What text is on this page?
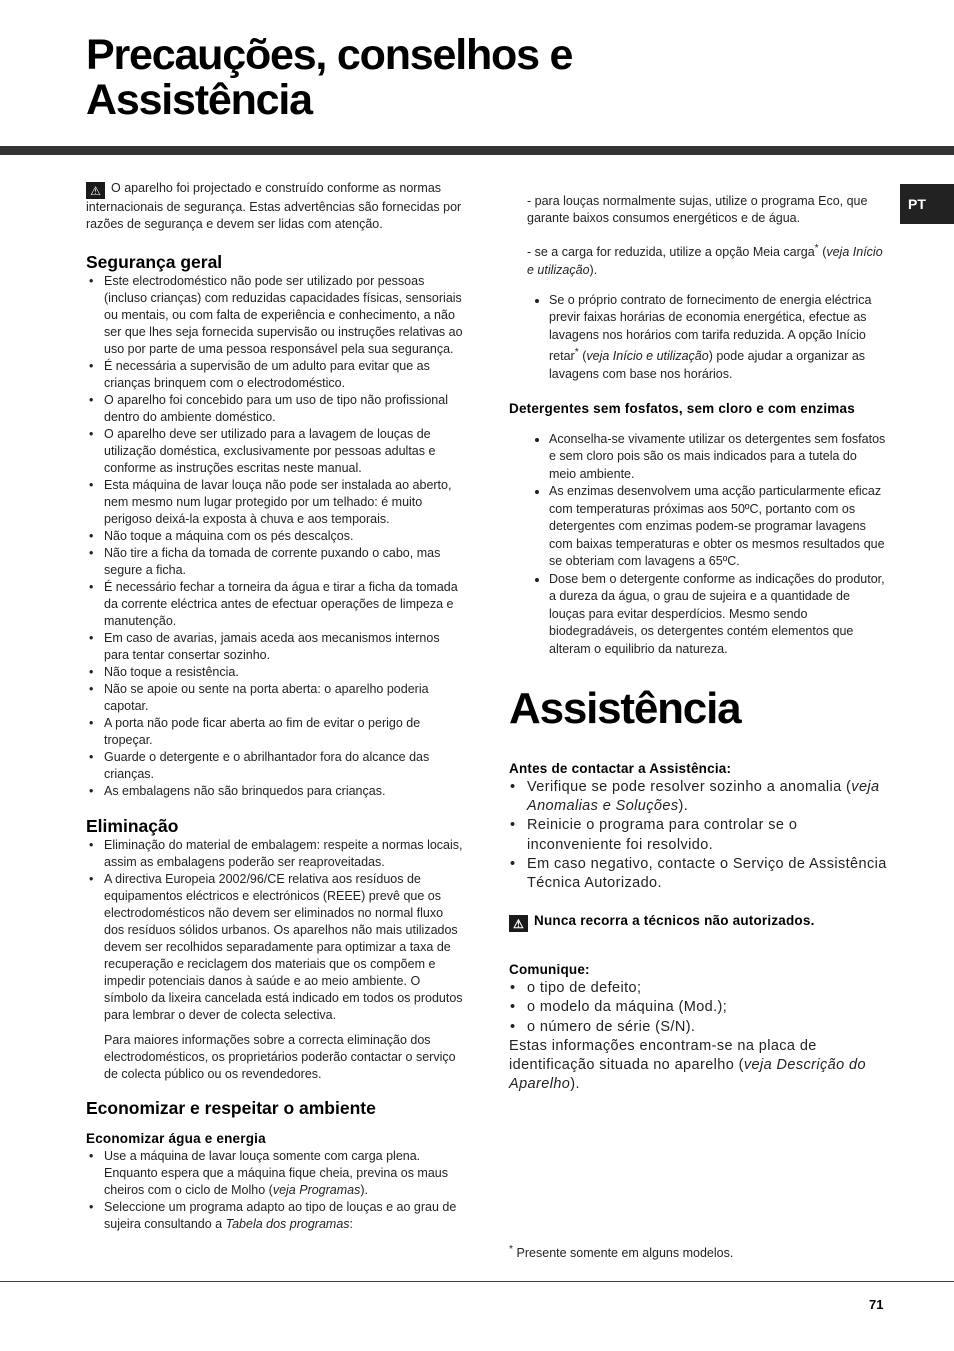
Precauções, conselhos e
Assistência
PT

⚠ O aparelho foi projectado e construído conforme as normas internacionais de segurança. Estas advertências são fornecidas por razões de segurança e devem ser lidas com atenção.

Segurança geral
• Este electrodoméstico não pode ser utilizado por pessoas (incluso crianças) com reduzidas capacidades físicas, sensoriais ou mentais, ou com falta de experiência e conhecimento, a não ser que lhes seja fornecida supervisão ou instruções relativas ao uso por parte de uma pessoa responsável pela sua segurança.
• É necessária a supervisão de um adulto para evitar que as crianças brinquem com o electrodoméstico.
• O aparelho foi concebido para um uso de tipo não profissional dentro do ambiente doméstico.
• O aparelho deve ser utilizado para a lavagem de louças de utilização doméstica, exclusivamente por pessoas adultas e conforme as instruções escritas neste manual.
• Esta máquina de lavar louça não pode ser instalada ao aberto, nem mesmo num lugar protegido por um telhado: é muito perigoso deixá-la exposta à chuva e aos temporais.
• Não toque a máquina com os pés descalços.
• Não tire a ficha da tomada de corrente puxando o cabo, mas segure a ficha.
• É necessário fechar a torneira da água e tirar a ficha da tomada da corrente eléctrica antes de efectuar operações de limpeza e manutenção.
• Em caso de avarias, jamais aceda aos mecanismos internos para tentar consertar sozinho.
• Não toque a resistência.
• Não se apoie ou sente na porta aberta: o aparelho poderia capotar.
• A porta não pode ficar aberta ao fim de evitar o perigo de tropeçar.
• Guarde o detergente e o abrilhantador fora do alcance das crianças.
• As embalagens não são brinquedos para crianças.
Eliminação
• Eliminação do material de embalagem: respeite a normas locais, assim as embalagens poderão ser reaproveitadas.
• A directiva Europeia 2002/96/CE relativa aos resíduos de equipamentos eléctricos e electrónicos (REEE) prevê que os electrodomésticos não devem ser eliminados no normal fluxo dos resíduos sólidos urbanos. Os aparelhos não mais utilizados devem ser recolhidos separadamente para optimizar a taxa de recuperação e reciclagem dos materiais que os compõem e impedir potenciais danos à saúde e ao meio ambiente. O símbolo da lixeira cancelada está indicado em todos os produtos para lembrar o dever de colecta selectiva.

Para maiores informações sobre a correcta eliminação dos electrodomésticos, os proprietários poderão contactar o serviço de colecta público ou os revendedores.

Economizar e respeitar o ambiente
Economizar água e energia
• Use a máquina de lavar louça somente com carga plena. Enquanto espera que a máquina fique cheia, previna os maus cheiros com o ciclo de Molho (veja Programas).
• Seleccione um programa adapto ao tipo de louças e ao grau de sujeira consultando a Tabela dos programas:

- para louças normalmente sujas, utilize o programa Eco, que garante baixos consumos energéticos e de água.

- se a carga for reduzida, utilize a opção Meia carga* (veja Início e utilização).

• Se o próprio contrato de fornecimento de energia eléctrica previr faixas horárias de economia energética, efectue as lavagens nos horários com tarifa reduzida. A opção Início retar* (veja Início e utilização) pode ajudar a organizar as lavagens com base nos horários.
Detergentes sem fosfatos, sem cloro e com enzimas
• Aconselha-se vivamente utilizar os detergentes sem fosfatos e sem cloro pois são os mais indicados para a tutela do meio ambiente.
• As enzimas desenvolvem uma acção particularmente eficaz com temperaturas próximas aos 50ºC, portanto com os detergentes com enzimas podem-se programar lavagens com baixas temperaturas e obter os mesmos resultados que se obteriam com lavagens a 65ºC.
• Dose bem o detergente conforme as indicações do produtor, a dureza da água, o grau de sujeira e a quantidade de louças para evitar desperdícios. Mesmo sendo biodegradáveis, os detergentes contém elementos que alteram o equilibrio da natureza.
Assistência
Antes de contactar a Assistência:
• Verifique se pode resolver sozinho a anomalia (veja Anomalias e Soluções).
• Reinicie o programa para controlar se o inconveniente foi resolvido.
• Em caso negativo, contacte o Serviço de Assistência Técnica Autorizado.
⚠ Nunca recorra a técnicos não autorizados.
Comunique:
• o tipo de defeito;
• o modelo da máquina (Mod.);
• o número de série (S/N).

Estas informações encontram-se na placa de identificação situada no aparelho (veja Descrição do Aparelho).

* Presente somente em alguns modelos.
71
